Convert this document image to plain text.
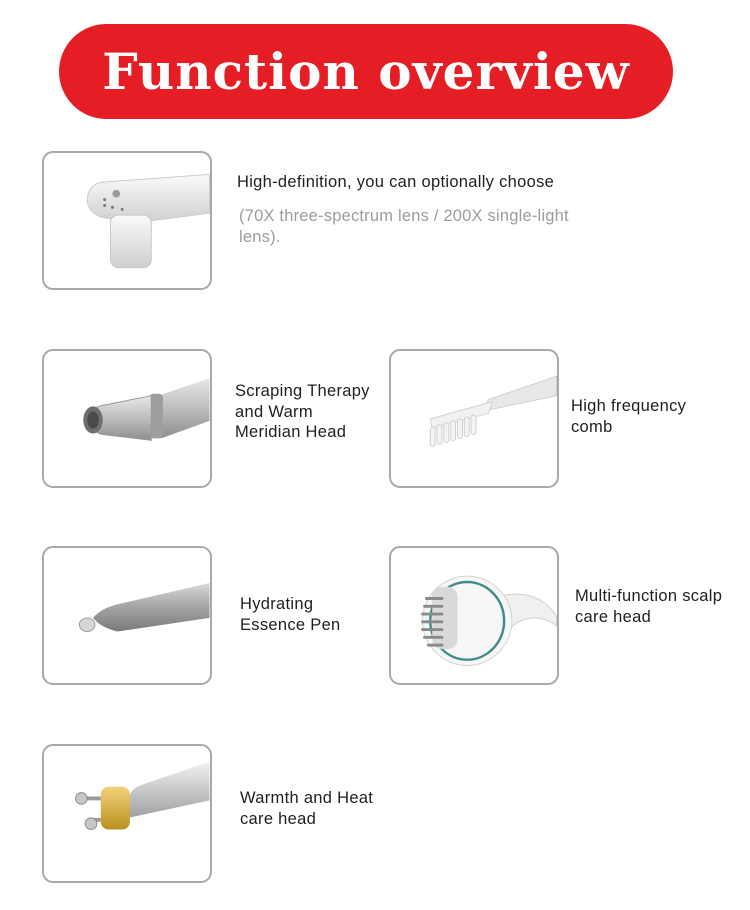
Function overview
High-definition, you can optionally choose
(70X three-spectrum lens / 200X single-light lens).
Scraping Therapy and Warm Meridian Head
High frequency comb
Hydrating Essence Pen
Multi-function scalp care head
Warmth and Heat care head
